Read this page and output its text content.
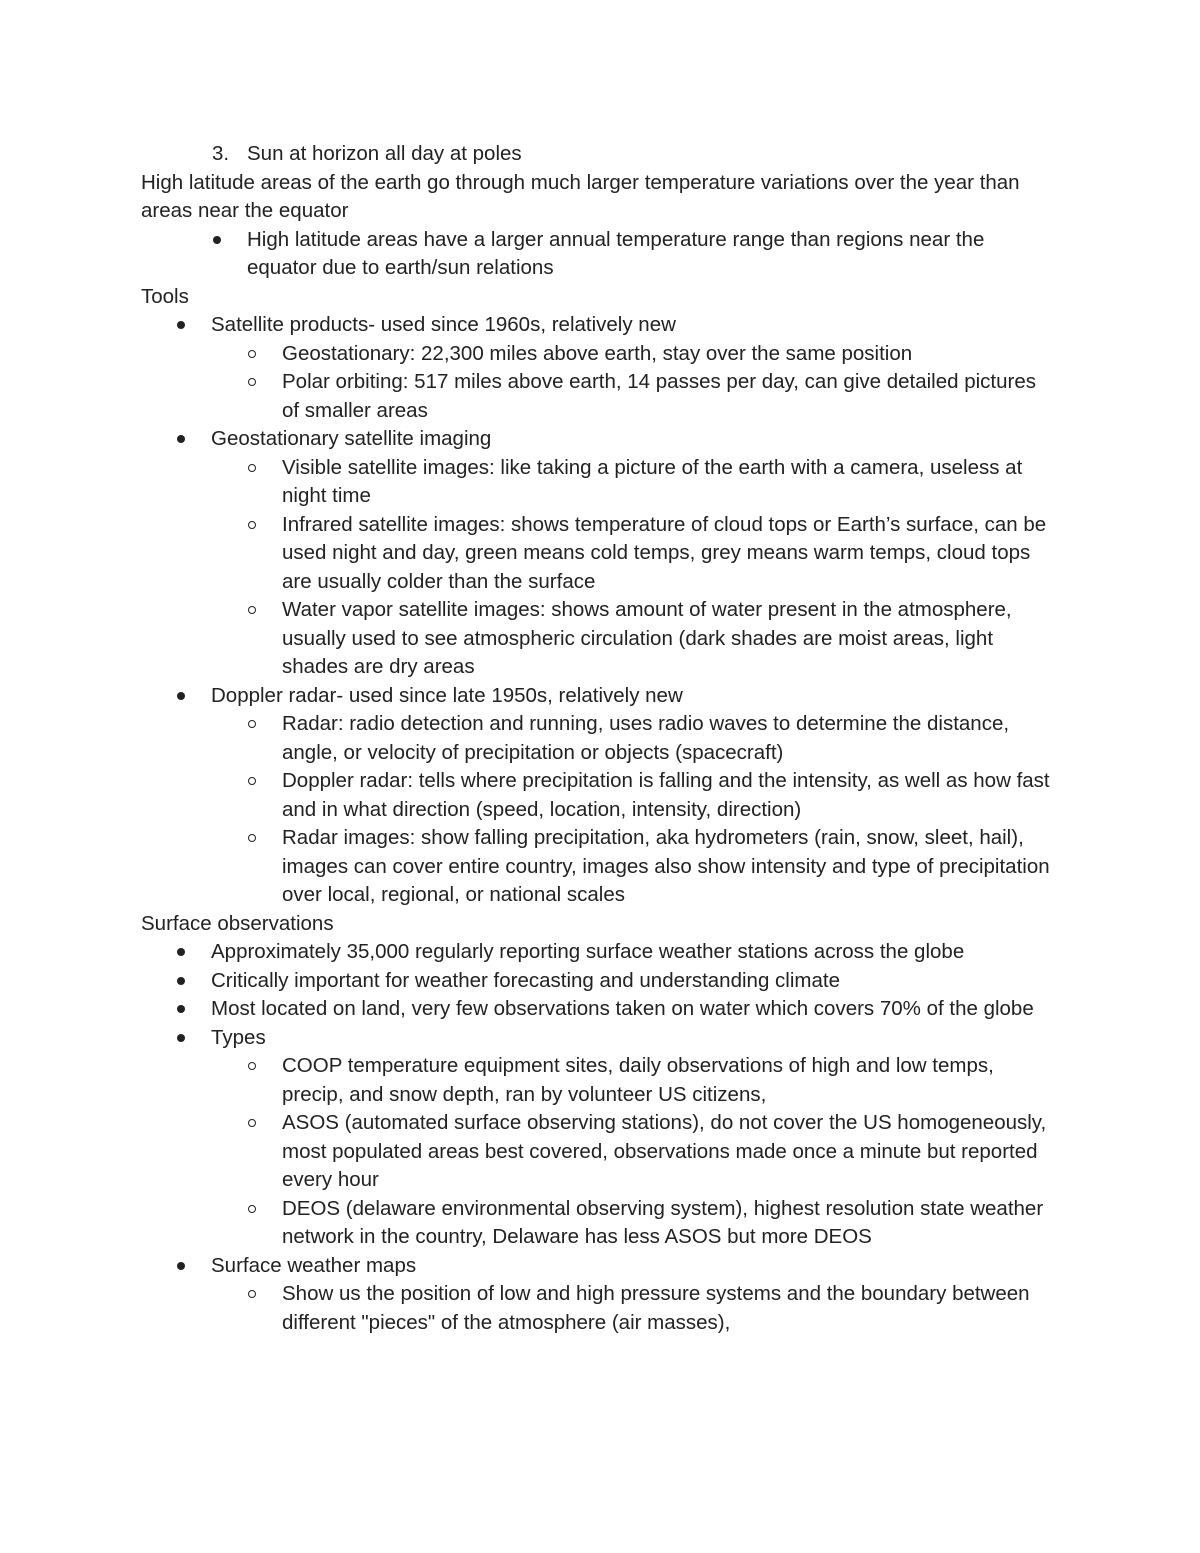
3. Sun at horizon all day at poles
High latitude areas of the earth go through much larger temperature variations over the year than areas near the equator
High latitude areas have a larger annual temperature range than regions near the equator due to earth/sun relations
Tools
Satellite products- used since 1960s, relatively new
Geostationary: 22,300 miles above earth, stay over the same position
Polar orbiting: 517 miles above earth, 14 passes per day, can give detailed pictures of smaller areas
Geostationary satellite imaging
Visible satellite images: like taking a picture of the earth with a camera, useless at night time
Infrared satellite images: shows temperature of cloud tops or Earth’s surface, can be used night and day, green means cold temps, grey means warm temps, cloud tops are usually colder than the surface
Water vapor satellite images: shows amount of water present in the atmosphere, usually used to see atmospheric circulation (dark shades are moist areas, light shades are dry areas
Doppler radar- used since late 1950s, relatively new
Radar: radio detection and running, uses radio waves to determine the distance, angle, or velocity of precipitation or objects (spacecraft)
Doppler radar: tells where precipitation is falling and the intensity, as well as how fast and in what direction (speed, location, intensity, direction)
Radar images: show falling precipitation, aka hydrometers (rain, snow, sleet, hail), images can cover entire country, images also show intensity and type of precipitation over local, regional, or national scales
Surface observations
Approximately 35,000 regularly reporting surface weather stations across the globe
Critically important for weather forecasting and understanding climate
Most located on land, very few observations taken on water which covers 70% of the globe
Types
COOP temperature equipment sites, daily observations of high and low temps, precip, and snow depth, ran by volunteer US citizens,
ASOS (automated surface observing stations), do not cover the US homogeneously, most populated areas best covered, observations made once a minute but reported every hour
DEOS (delaware environmental observing system), highest resolution state weather network in the country, Delaware has less ASOS but more DEOS
Surface weather maps
Show us the position of low and high pressure systems and the boundary between different "pieces" of the atmosphere (air masses),
